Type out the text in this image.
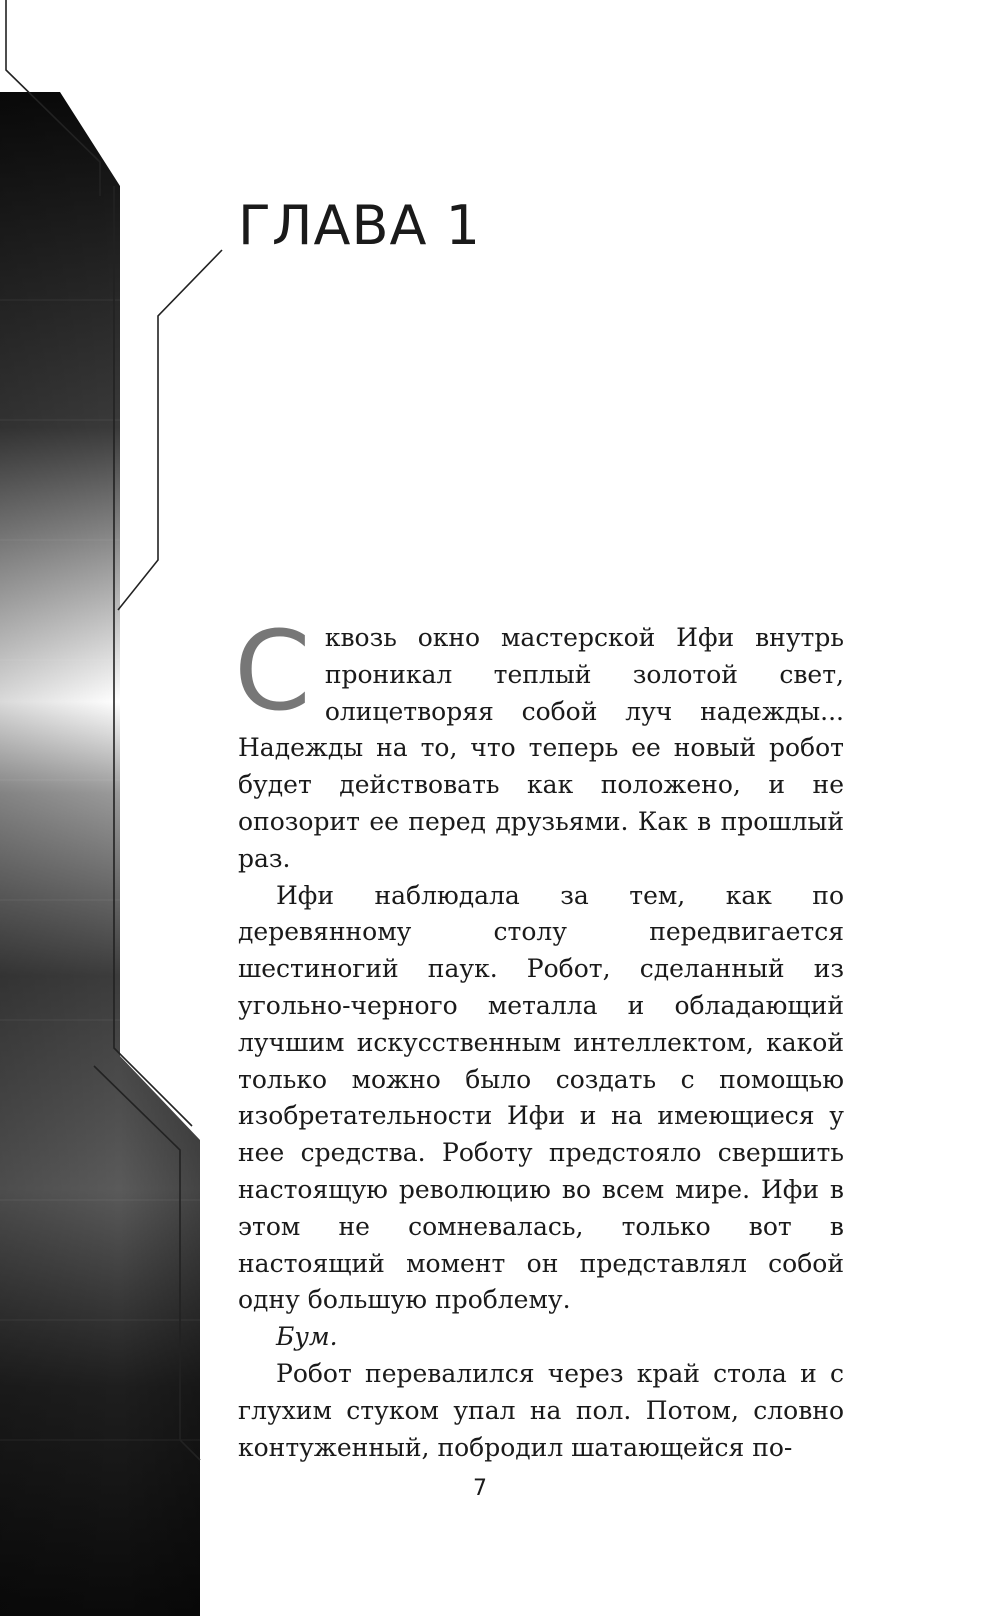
ГЛАВА 1

Сквозь окно мастерской Ифи внутрь проникал теплый золотой свет, олицетворяя собой луч надежды... Надежды на то, что теперь ее новый робот будет действовать как положено, и не опозорит ее перед друзьями. Как в прошлый раз.

Ифи наблюдала за тем, как по деревянному столу передвигается шестиногий паук. Робот, сделанный из угольно-черного металла и обладающий лучшим искусственным интеллектом, какой только можно было создать с помощью изобретательности Ифи и на имеющиеся у нее средства. Роботу предстояло свершить настоящую революцию во всем мире. Ифи в этом не сомневалась, только вот в настоящий момент он представлял собой одну большую проблему.

Бум.

Робот перевалился через край стола и с глухим стуком упал на пол. Потом, словно контуженный, побродил шатающейся по-

7
